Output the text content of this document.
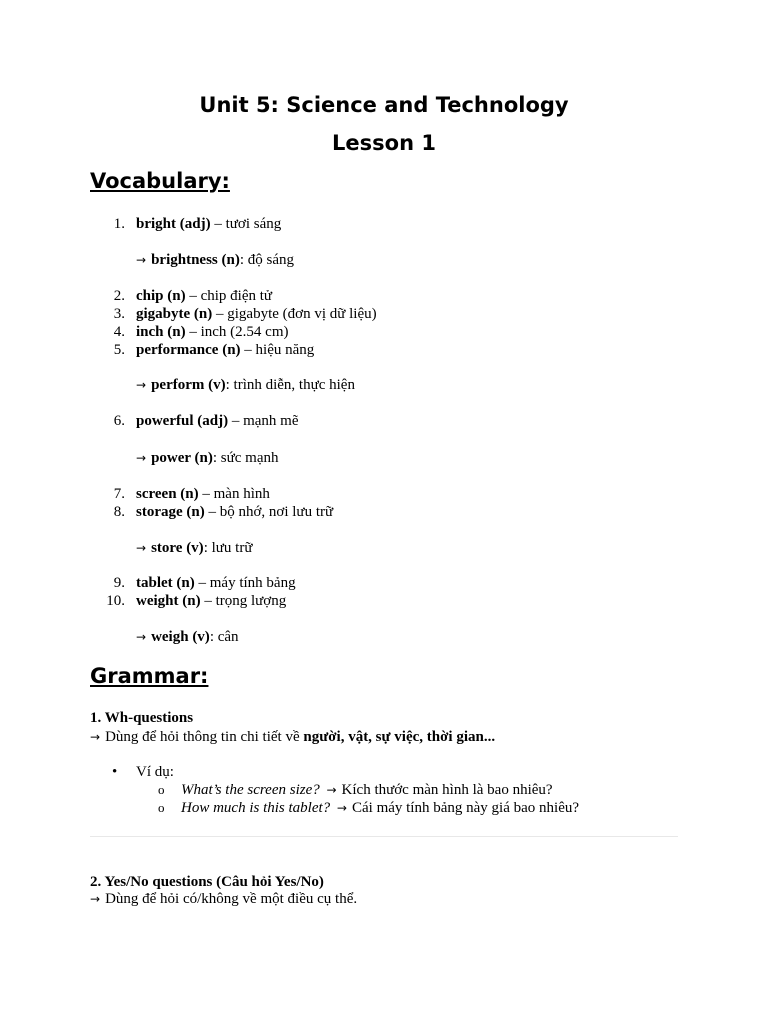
Unit 5: Science and Technology
Lesson 1
Vocabulary:
1. bright (adj) – tươi sáng
→ brightness (n): độ sáng
2. chip (n) – chip điện tử
3. gigabyte (n) – gigabyte (đơn vị dữ liệu)
4. inch (n) – inch (2.54 cm)
5. performance (n) – hiệu năng
→ perform (v): trình diễn, thực hiện
6. powerful (adj) – mạnh mẽ
→ power (n): sức mạnh
7. screen (n) – màn hình
8. storage (n) – bộ nhớ, nơi lưu trữ
→ store (v): lưu trữ
9. tablet (n) – máy tính bảng
10. weight (n) – trọng lượng
→ weigh (v): cân
Grammar:
1. Wh-questions
→ Dùng để hỏi thông tin chi tiết về người, vật, sự việc, thời gian...
• Ví dụ:
o What’s the screen size? → Kích thước màn hình là bao nhiêu?
o How much is this tablet? → Cái máy tính bảng này giá bao nhiêu?
2. Yes/No questions (Câu hỏi Yes/No)
→ Dùng để hỏi có/không về một điều cụ thể.
